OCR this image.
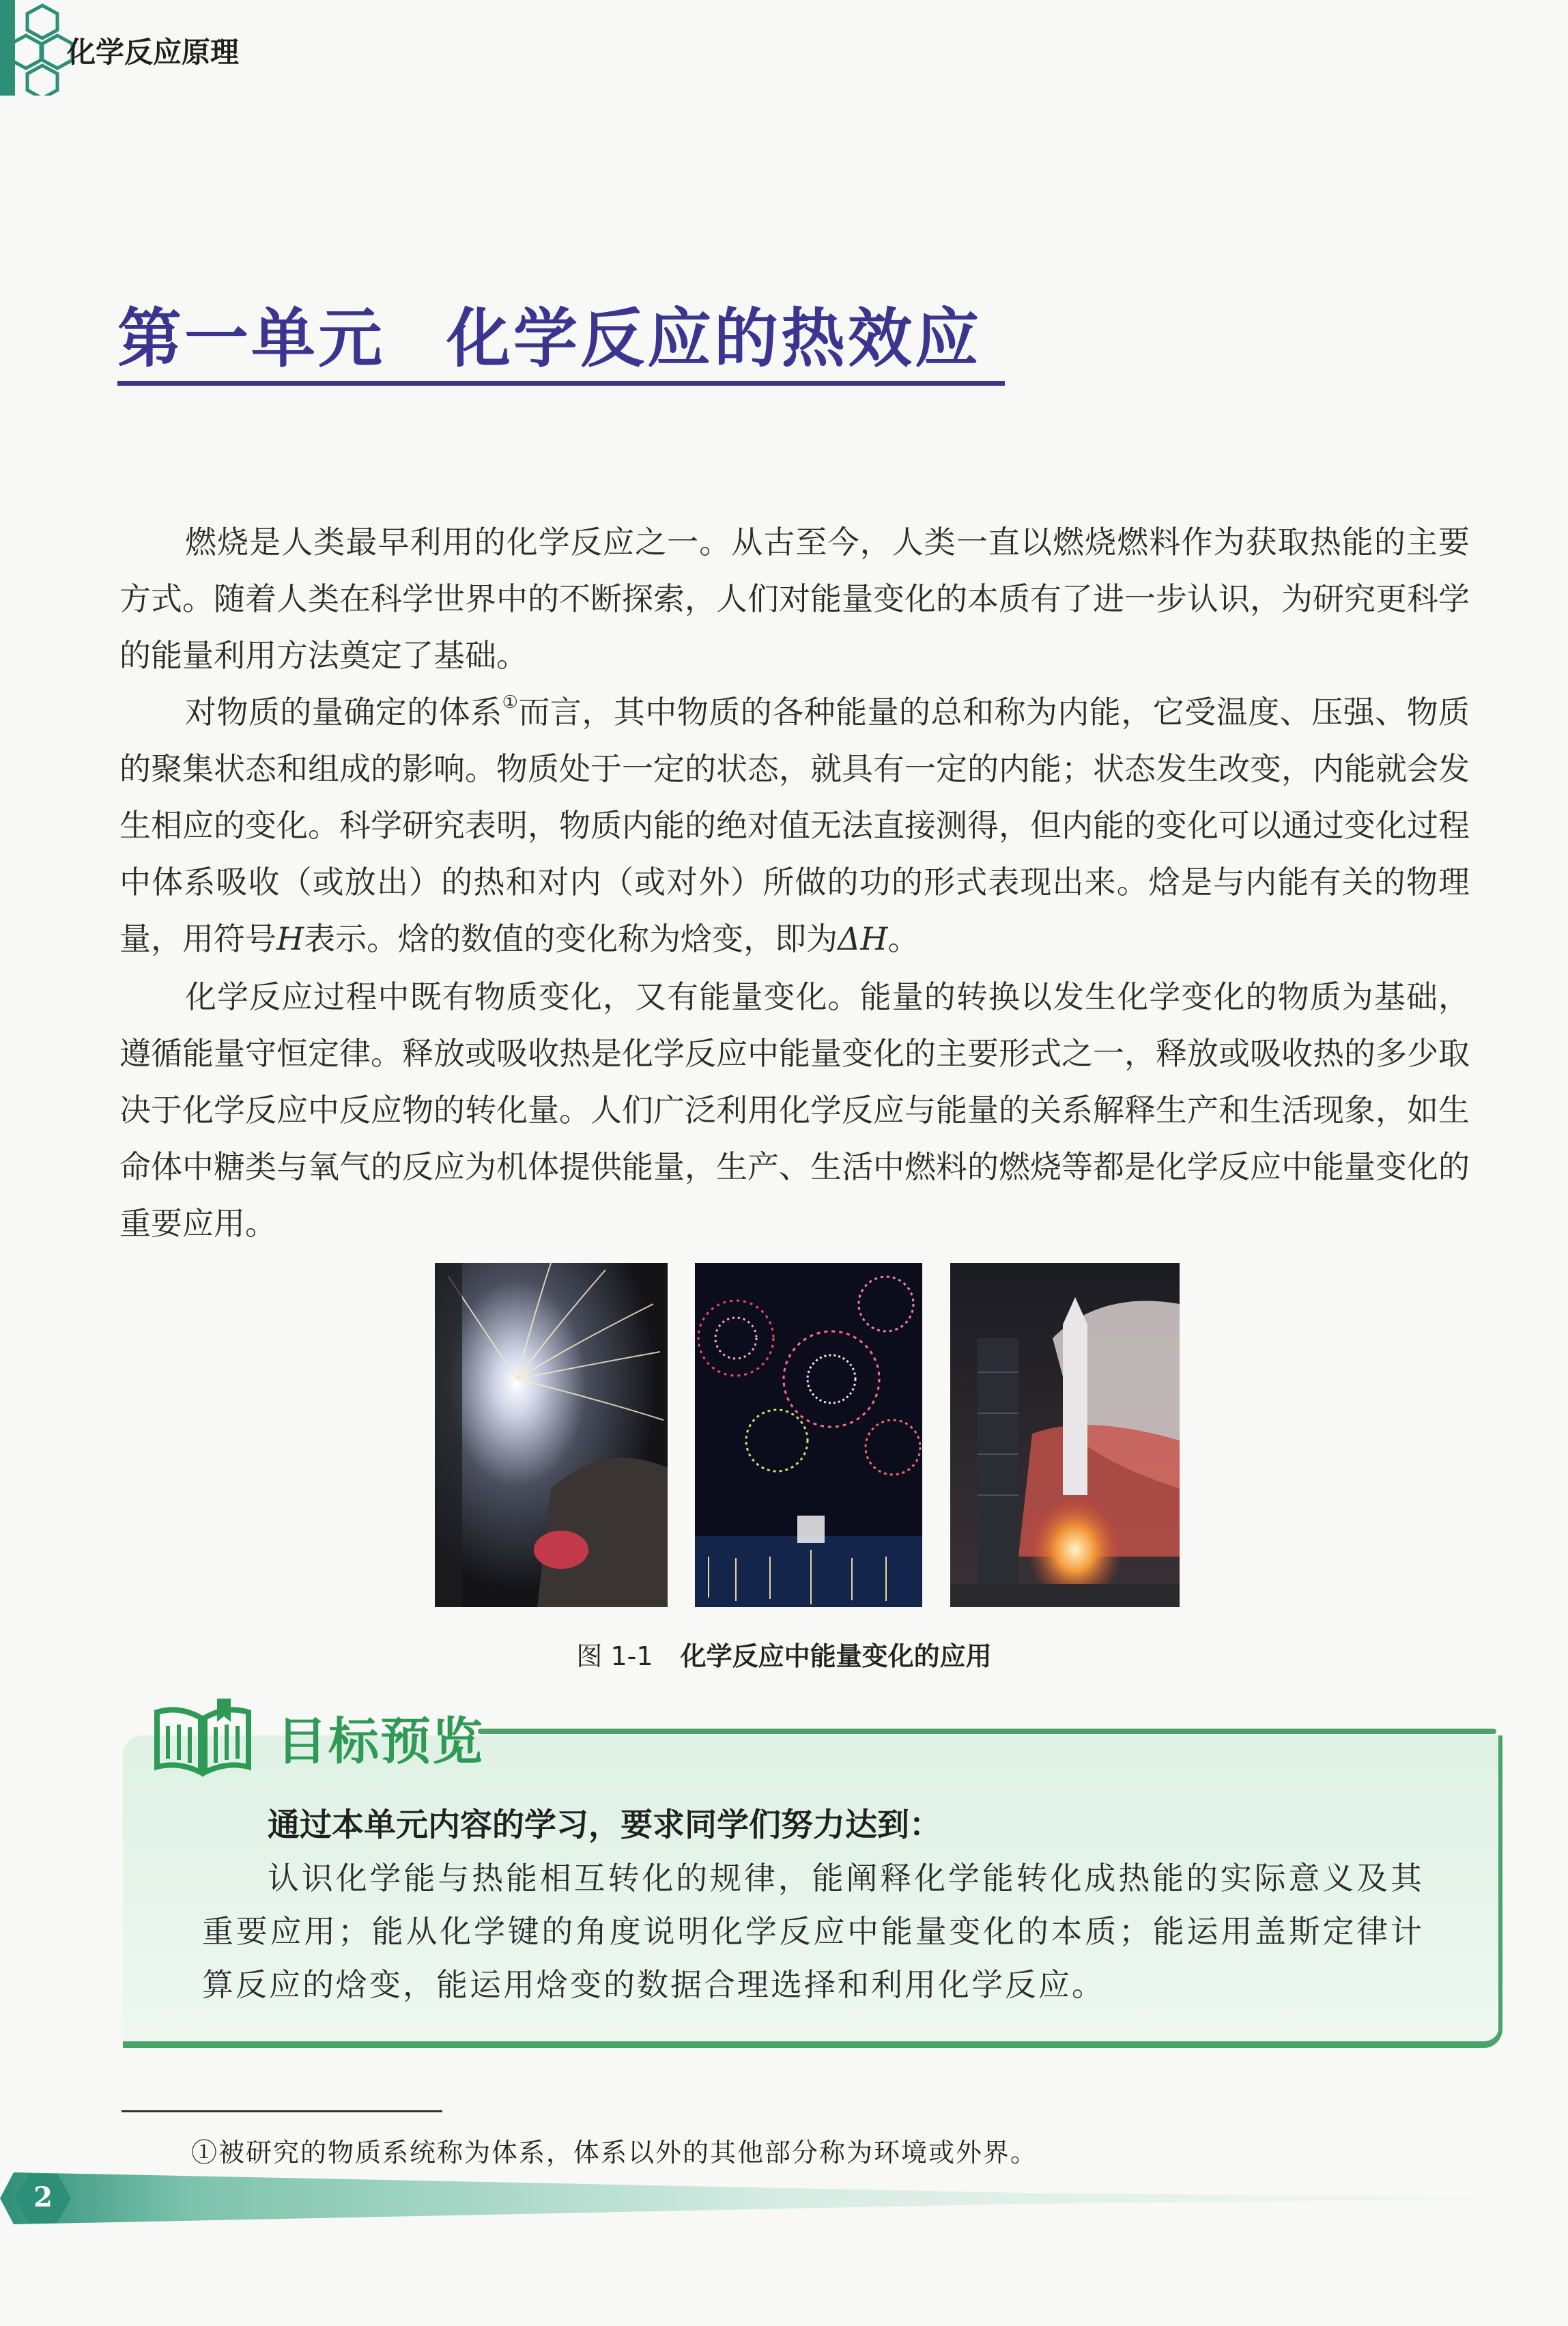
化学反应原理
第一单元 化学反应的热效应

燃烧是人类最早利用的化学反应之一。从古至今，人类一直以燃烧燃料作为获取热能的主要方式。随着人类在科学世界中的不断探索，人们对能量变化的本质有了进一步认识，为研究更科学的能量利用方法奠定了基础。

对物质的量确定的体系①而言，其中物质的各种能量的总和称为内能，它受温度、压强、物质的聚集状态和组成的影响。物质处于一定的状态，就具有一定的内能；状态发生改变，内能就会发生相应的变化。科学研究表明，物质内能的绝对值无法直接测得，但内能的变化可以通过变化过程中体系吸收（或放出）的热和对内（或对外）所做的功的形式表现出来。焓是与内能有关的物理量，用符号H表示。焓的数值的变化称为焓变，即为ΔH。

化学反应过程中既有物质变化，又有能量变化。能量的转换以发生化学变化的物质为基础，遵循能量守恒定律。释放或吸收热是化学反应中能量变化的主要形式之一，释放或吸收热的多少取决于化学反应中反应物的转化量。人们广泛利用化学反应与能量的关系解释生产和生活现象，如生命体中糖类与氧气的反应为机体提供能量，生产、生活中燃料的燃烧等都是化学反应中能量变化的重要应用。

图 1-1 化学反应中能量变化的应用
目标预览
通过本单元内容的学习，要求同学们努力达到：

认识化学能与热能相互转化的规律，能阐释化学能转化成热能的实际意义及其重要应用；能从化学键的角度说明化学反应中能量变化的本质；能运用盖斯定律计算反应的焓变，能运用焓变的数据合理选择和利用化学反应。

①被研究的物质系统称为体系，体系以外的其他部分称为环境或外界。
2
